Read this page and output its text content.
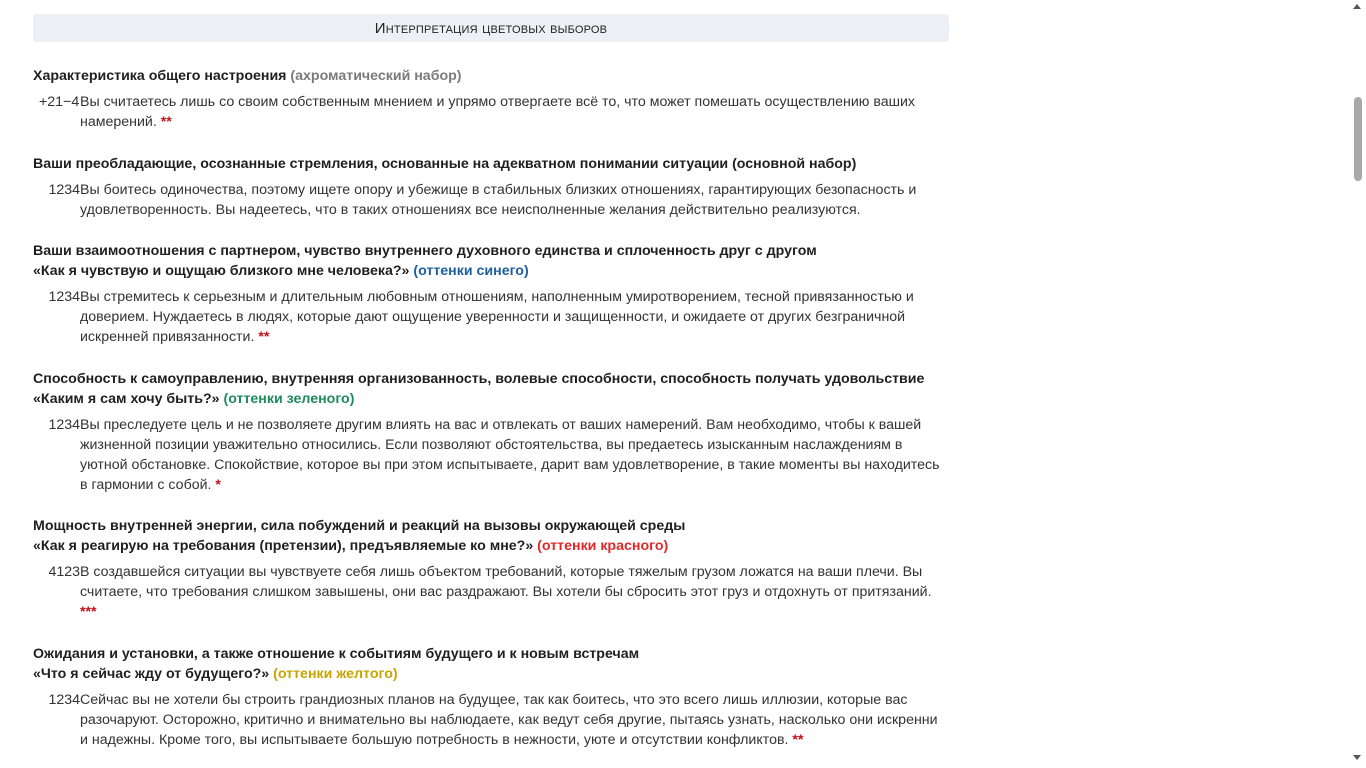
Интерпретация цветовых выборов
Характеристика общего настроения (ахроматический набор)
+21−4 Вы считаетесь лишь со своим собственным мнением и упрямо отвергаете всё то, что может помешать осуществлению ваших намерений. **
Ваши преобладающие, осознанные стремления, основанные на адекватном понимании ситуации (основной набор)
1234 Вы боитесь одиночества, поэтому ищете опору и убежище в стабильных близких отношениях, гарантирующих безопасность и удовлетворенность. Вы надеетесь, что в таких отношениях все неисполненные желания действительно реализуются.
Ваши взаимоотношения с партнером, чувство внутреннего духовного единства и сплоченность друг с другом
«Как я чувствую и ощущаю близкого мне человека?» (оттенки синего)
1234 Вы стремитесь к серьезным и длительным любовным отношениям, наполненным умиротворением, тесной привязанностью и доверием. Нуждаетесь в людях, которые дают ощущение уверенности и защищенности, и ожидаете от других безграничной искренней привязанности. **
Способность к самоуправлению, внутренняя организованность, волевые способности, способность получать удовольствие
«Каким я сам хочу быть?» (оттенки зеленого)
1234 Вы преследуете цель и не позволяете другим влиять на вас и отвлекать от ваших намерений. Вам необходимо, чтобы к вашей жизненной позиции уважительно относились. Если позволяют обстоятельства, вы предаетесь изысканным наслаждениям в уютной обстановке. Спокойствие, которое вы при этом испытываете, дарит вам удовлетворение, в такие моменты вы находитесь в гармонии с собой. *
Мощность внутренней энергии, сила побуждений и реакций на вызовы окружающей среды
«Как я реагирую на требования (претензии), предъявляемые ко мне?» (оттенки красного)
4123 В создавшейся ситуации вы чувствуете себя лишь объектом требований, которые тяжелым грузом ложатся на ваши плечи. Вы считаете, что требования слишком завышены, они вас раздражают. Вы хотели бы сбросить этот груз и отдохнуть от притязаний. ***
Ожидания и установки, а также отношение к событиям будущего и к новым встречам
«Что я сейчас жду от будущего?» (оттенки желтого)
1234 Сейчас вы не хотели бы строить грандиозных планов на будущее, так как боитесь, что это всего лишь иллюзии, которые вас разочаруют. Осторожно, критично и внимательно вы наблюдаете, как ведут себя другие, пытаясь узнать, насколько они искренни и надежны. Кроме того, вы испытываете большую потребность в нежности, уюте и отсутствии конфликтов. **
